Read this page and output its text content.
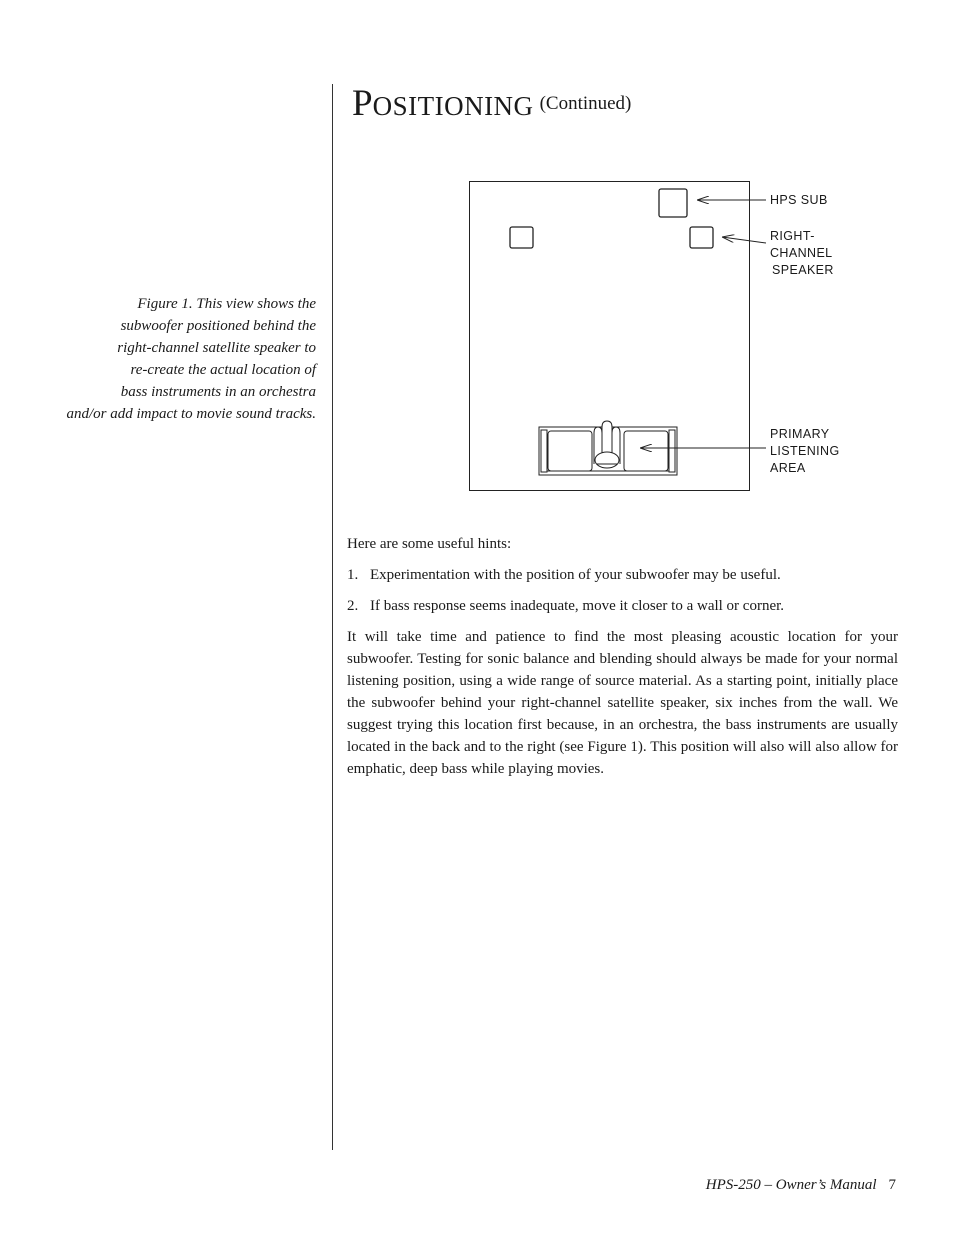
POSITIONING (Continued)
Figure 1. This view shows the
subwoofer positioned behind the
right-channel satellite speaker to
re-create the actual location of
bass instruments in an orchestra
and/or add impact to movie sound tracks.
HPS SUB
RIGHT-
CHANNEL
SPEAKER
PRIMARY
LISTENING
AREA

Here are some useful hints:

1. Experimentation with the position of your subwoofer may be useful.

2. If bass response seems inadequate, move it closer to a wall or corner.

It will take time and patience to find the most pleasing acoustic location for your subwoofer. Testing for sonic balance and blending should always be made for your normal listening position, using a wide range of source material. As a starting point, initially place the subwoofer behind your right-channel satellite speaker, six inches from the wall. We suggest trying this location first because, in an orchestra, the bass instruments are usually located in the back and to the right (see Figure 1). This position will also will also allow for emphatic, deep bass while playing movies.

HPS-250 – Owner’s Manual 7
